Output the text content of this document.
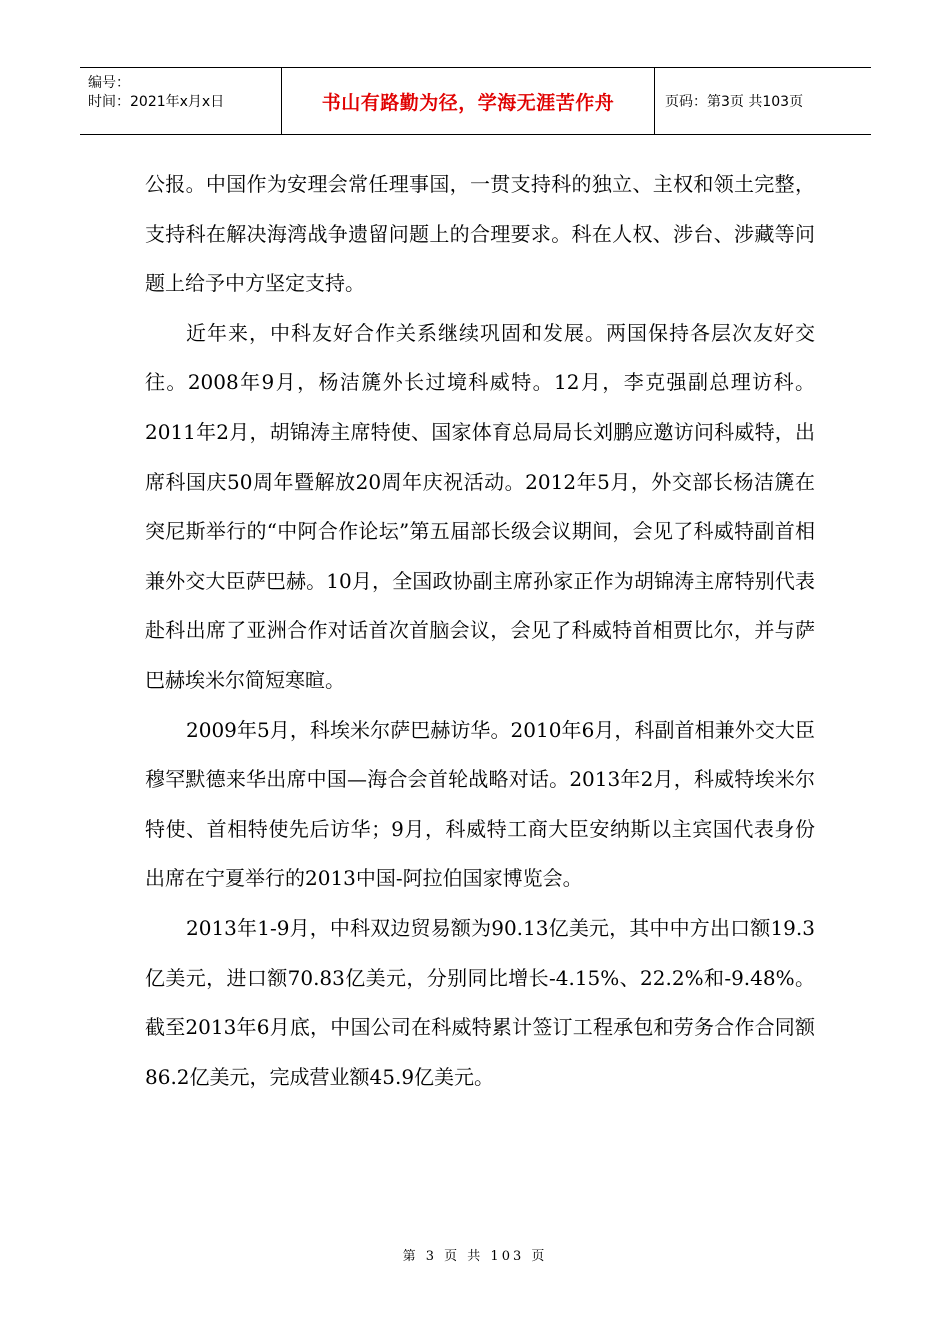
编号：
时间：2021年x月x日	书山有路勤为径，学海无涯苦作舟	页码：第3页 共103页

公报。中国作为安理会常任理事国，一贯支持科的独立、主权和领土完整，支持科在解决海湾战争遗留问题上的合理要求。科在人权、涉台、涉藏等问题上给予中方坚定支持。

近年来，中科友好合作关系继续巩固和发展。两国保持各层次友好交往。2008年9月，杨洁篪外长过境科威特。12月，李克强副总理访科。2011年2月，胡锦涛主席特使、国家体育总局局长刘鹏应邀访问科威特，出席科国庆50周年暨解放20周年庆祝活动。2012年5月，外交部长杨洁篪在突尼斯举行的“中阿合作论坛”第五届部长级会议期间，会见了科威特副首相兼外交大臣萨巴赫。10月，全国政协副主席孙家正作为胡锦涛主席特别代表赴科出席了亚洲合作对话首次首脑会议，会见了科威特首相贾比尔，并与萨巴赫埃米尔简短寒暄。

2009年5月，科埃米尔萨巴赫访华。2010年6月，科副首相兼外交大臣穆罕默德来华出席中国—海合会首轮战略对话。2013年2月，科威特埃米尔特使、首相特使先后访华；9月，科威特工商大臣安纳斯以主宾国代表身份出席在宁夏举行的2013中国-阿拉伯国家博览会。

2013年1-9月，中科双边贸易额为90.13亿美元，其中中方出口额19.3亿美元，进口额70.83亿美元，分别同比增长-4.15%、22.2%和-9.48%。截至2013年6月底，中国公司在科威特累计签订工程承包和劳务合作合同额86.2亿美元，完成营业额45.9亿美元。

第 3 页 共 103 页
